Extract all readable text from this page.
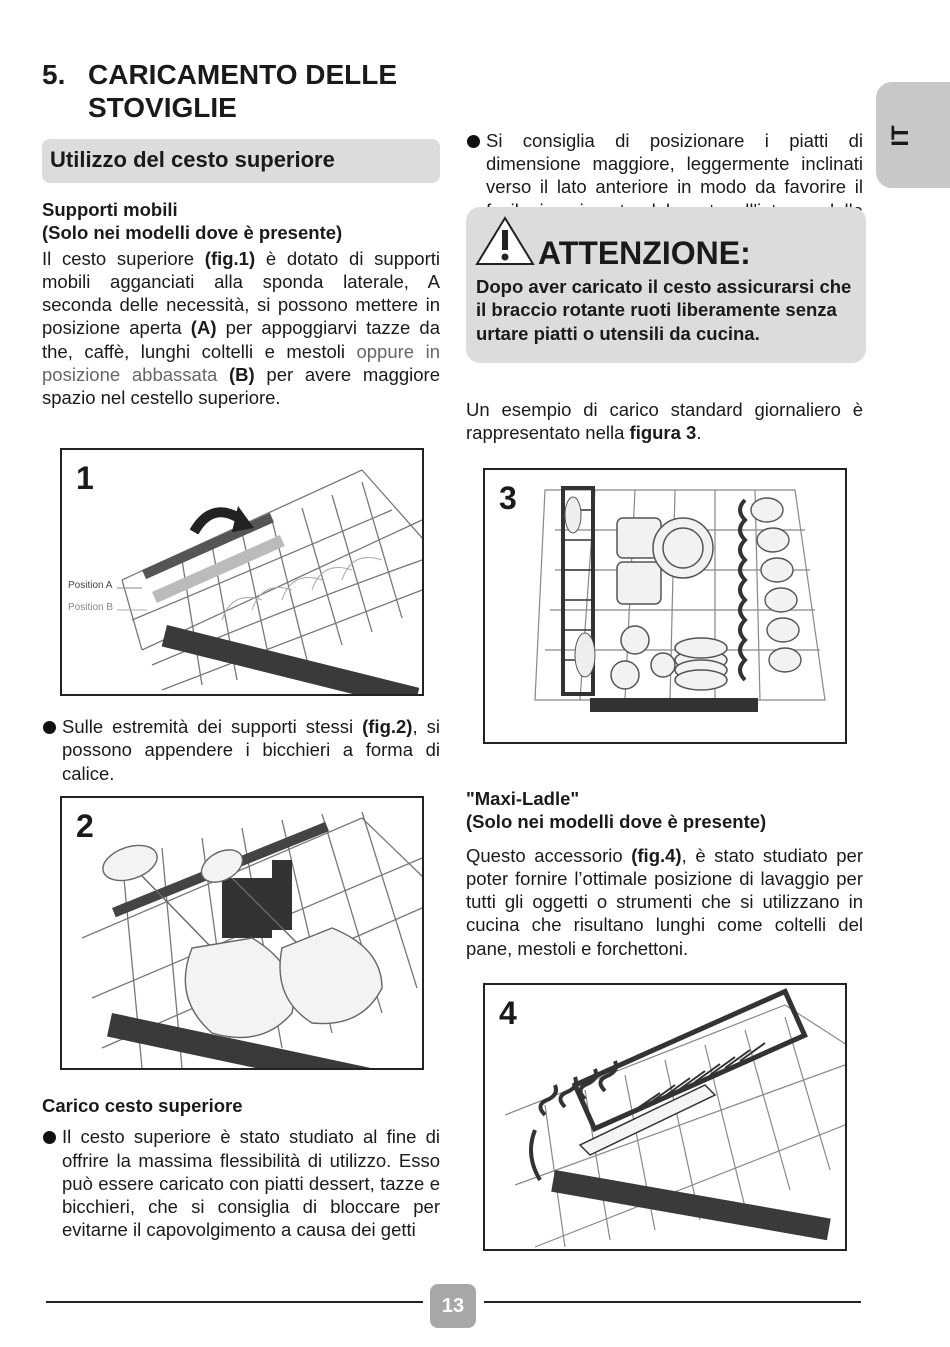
5. CARICAMENTO DELLE
STOVIGLIE
Utilizzo del cesto superiore
Supporti mobili
(Solo nei modelli dove è presente)
Il cesto superiore (fig.1) è dotato di supporti mobili agganciati alla sponda laterale, A seconda delle necessità, si possono mettere in posizione aperta (A) per appoggiarvi tazze da the, caffè, lunghi coltelli e mestoli oppure in posizione abbassata (B) per avere maggiore spazio nel cestello superiore.
1
Position A
Position B
Sulle estremità dei supporti stessi (fig.2), si possono appendere i bicchieri a forma di calice.
2
Carico cesto superiore
Il cesto superiore è stato studiato al fine di offrire la massima flessibilità di utilizzo. Esso può essere caricato con piatti dessert, tazze e bicchieri, che si consiglia di bloccare per evitarne il capovolgimento a causa dei getti
Si consiglia di posizionare i piatti di dimensione maggiore, leggermente inclinati verso il lato anteriore in modo da favorire il
IT
ATTENZIONE:
Dopo aver caricato il cesto assicurarsi che il braccio rotante ruoti liberamente senza urtare piatti o utensili da cucina.
Un esempio di carico standard giornaliero è rappresentato nella figura 3.
3
"Maxi-Ladle"
(Solo nei modelli dove è presente)
Questo accessorio (fig.4), è stato studiato per poter fornire l’ottimale posizione di lavaggio per tutti gli oggetti o strumenti che si utilizzano in cucina che risultano lunghi come coltelli del pane, mestoli e forchettoni.
4
13
